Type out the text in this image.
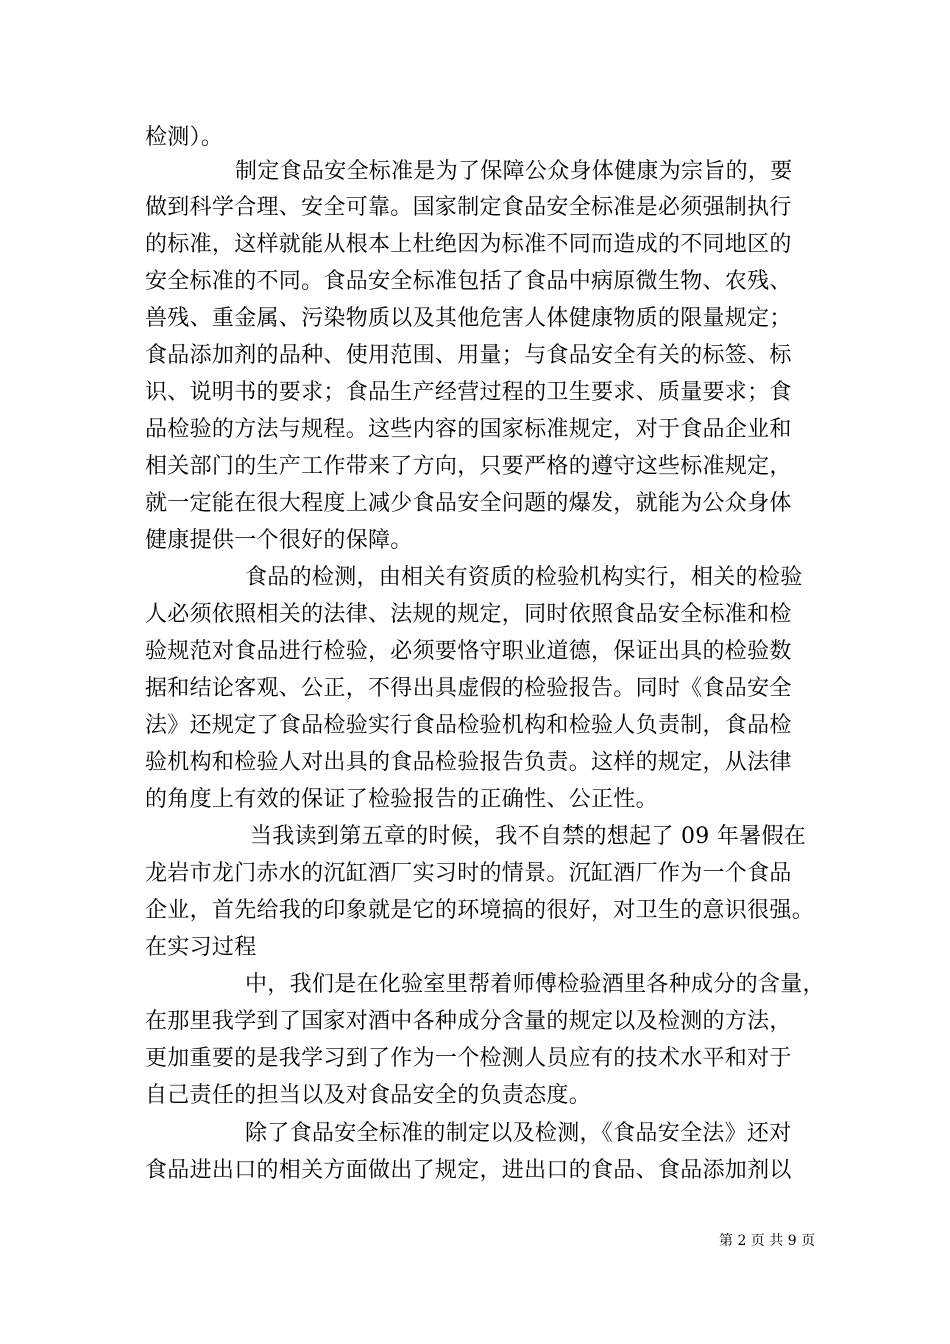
检测）。
制定食品安全标准是为了保障公众身体健康为宗旨的，要
做到科学合理、安全可靠。国家制定食品安全标准是必须强制执行
的标准，这样就能从根本上杜绝因为标准不同而造成的不同地区的
安全标准的不同。食品安全标准包括了食品中病原微生物、农残、
兽残、重金属、污染物质以及其他危害人体健康物质的限量规定；
食品添加剂的品种、使用范围、用量；与食品安全有关的标签、标
识、说明书的要求；食品生产经营过程的卫生要求、质量要求；食
品检验的方法与规程。这些内容的国家标准规定，对于食品企业和
相关部门的生产工作带来了方向，只要严格的遵守这些标准规定，
就一定能在很大程度上减少食品安全问题的爆发，就能为公众身体
健康提供一个很好的保障。
食品的检测，由相关有资质的检验机构实行，相关的检验
人必须依照相关的法律、法规的规定，同时依照食品安全标准和检
验规范对食品进行检验，必须要恪守职业道德，保证出具的检验数
据和结论客观、公正，不得出具虚假的检验报告。同时《食品安全
法》还规定了食品检验实行食品检验机构和检验人负责制，食品检
验机构和检验人对出具的食品检验报告负责。这样的规定，从法律
的角度上有效的保证了检验报告的正确性、公正性。
当我读到第五章的时候，我不自禁的想起了 09 年暑假在
龙岩市龙门赤水的沉缸酒厂实习时的情景。沉缸酒厂作为一个食品
企业，首先给我的印象就是它的环境搞的很好，对卫生的意识很强。
在实习过程
中，我们是在化验室里帮着师傅检验酒里各种成分的含量，
在那里我学到了国家对酒中各种成分含量的规定以及检测的方法，
更加重要的是我学习到了作为一个检测人员应有的技术水平和对于
自己责任的担当以及对食品安全的负责态度。
除了食品安全标准的制定以及检测，《食品安全法》还对
食品进出口的相关方面做出了规定，进出口的食品、食品添加剂以
第 2 页 共 9 页
